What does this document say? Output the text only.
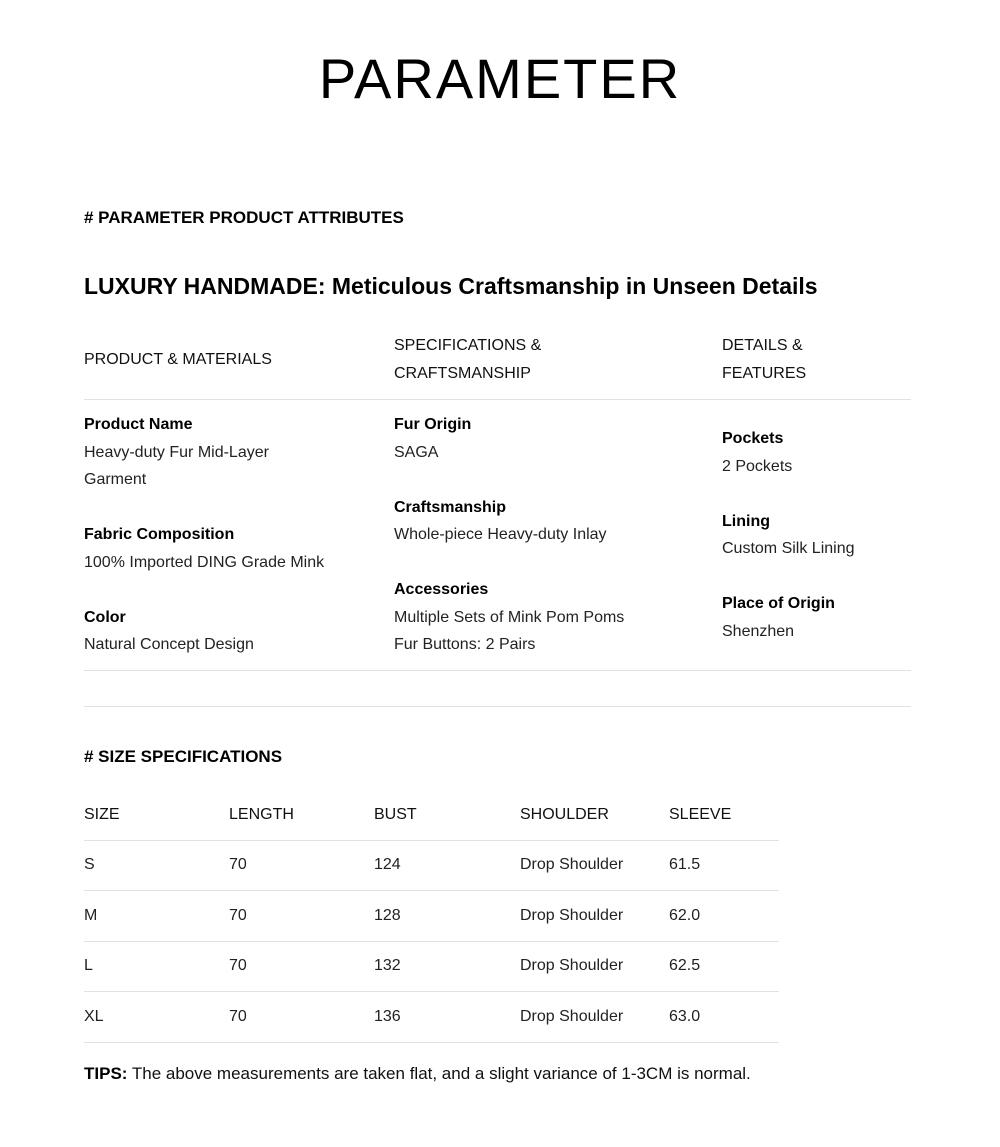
PARAMETER
# PARAMETER PRODUCT ATTRIBUTES
LUXURY HANDMADE: Meticulous Craftsmanship in Unseen Details
PRODUCT & MATERIALS
SPECIFICATIONS &
CRAFTSMANSHIP
DETAILS &
FEATURES
Product Name
Heavy-duty Fur Mid-Layer
Garment
Fabric Composition
100% Imported DING Grade Mink
Color
Natural Concept Design
Fur Origin
SAGA
Craftsmanship
Whole-piece Heavy-duty Inlay
Accessories
Multiple Sets of Mink Pom Poms
Fur Buttons: 2 Pairs
Pockets
2 Pockets
Lining
Custom Silk Lining
Place of Origin
Shenzhen
# SIZE SPECIFICATIONS
SIZE	LENGTH	BUST	SHOULDER	SLEEVE
S	70	124	Drop Shoulder	61.5
M	70	128	Drop Shoulder	62.0
L	70	132	Drop Shoulder	62.5
XL	70	136	Drop Shoulder	63.0
TIPS: The above measurements are taken flat, and a slight variance of 1-3CM is normal.
